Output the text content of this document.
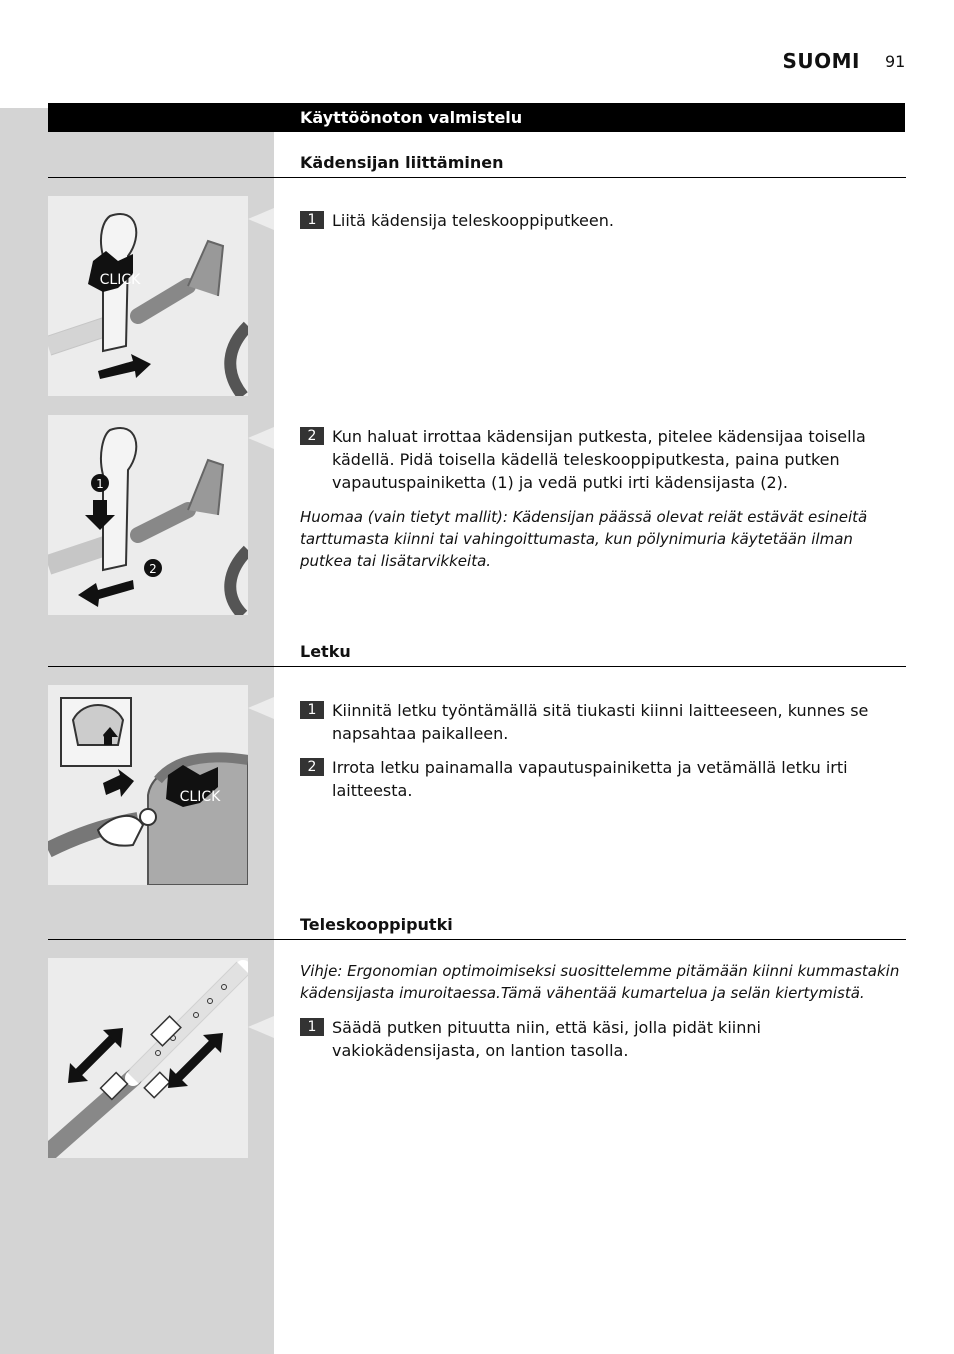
SUOMI 91
Käyttöönoton valmistelu
Kädensijan liittäminen
CLICK
1 Liitä kädensija teleskooppiputkeen.
1
2
2 Kun haluat irrottaa kädensijan putkesta, pitelee kädensijaa toisella kädellä. Pidä toisella kädellä teleskooppiputkesta, paina putken vapautuspainiketta (1) ja vedä putki irti kädensijasta (2).
Huomaa (vain tietyt mallit): Kädensijan päässä olevat reiät estävät esineitä tarttumasta kiinni tai vahingoittumasta, kun pölynimuria käytetään ilman putkea tai lisätarvikkeita.
Letku
CLICK
1 Kiinnitä letku työntämällä sitä tiukasti kiinni laitteeseen, kunnes se napsahtaa paikalleen.
2 Irrota letku painamalla vapautuspainiketta ja vetämällä letku irti laitteesta.
Teleskooppiputki
Vihje: Ergonomian optimoimiseksi suosittelemme pitämään kiinni kummastakin kädensijasta imuroitaessa.Tämä vähentää kumartelua ja selän kiertymistä.
1 Säädä putken pituutta niin, että käsi, jolla pidät kiinni vakiokädensijasta, on lantion tasolla.
